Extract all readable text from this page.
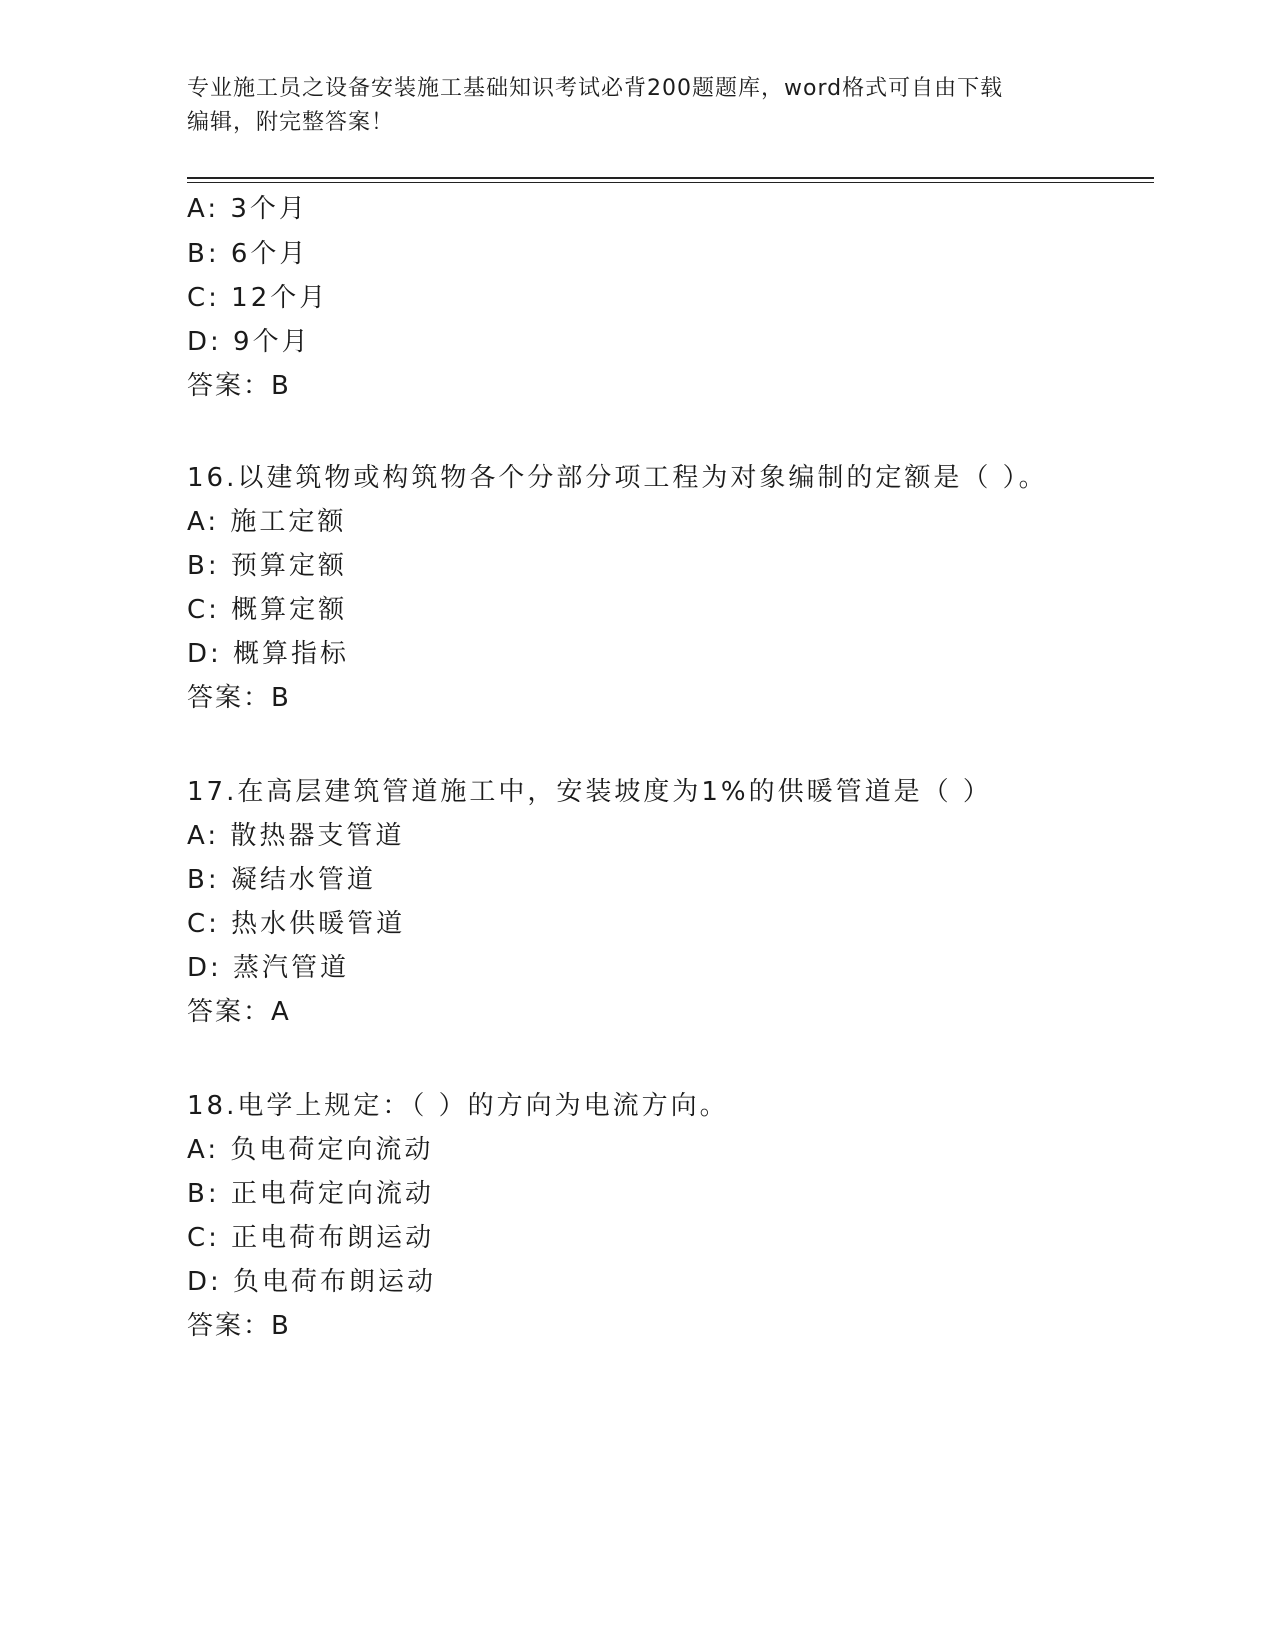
专业施工员之设备安装施工基础知识考试必背200题题库，word格式可自由下载
编辑，附完整答案！
A: 3个月
B: 6个月
C: 12个月
D: 9个月
答案：B
16.以建筑物或构筑物各个分部分项工程为对象编制的定额是（ ）。
A: 施工定额
B: 预算定额
C: 概算定额
D: 概算指标
答案：B
17.在高层建筑管道施工中，安装坡度为1%的供暖管道是（ ）
A: 散热器支管道
B: 凝结水管道
C: 热水供暖管道
D: 蒸汽管道
答案：A
18.电学上规定：（ ）的方向为电流方向。
A: 负电荷定向流动
B: 正电荷定向流动
C: 正电荷布朗运动
D: 负电荷布朗运动
答案：B
